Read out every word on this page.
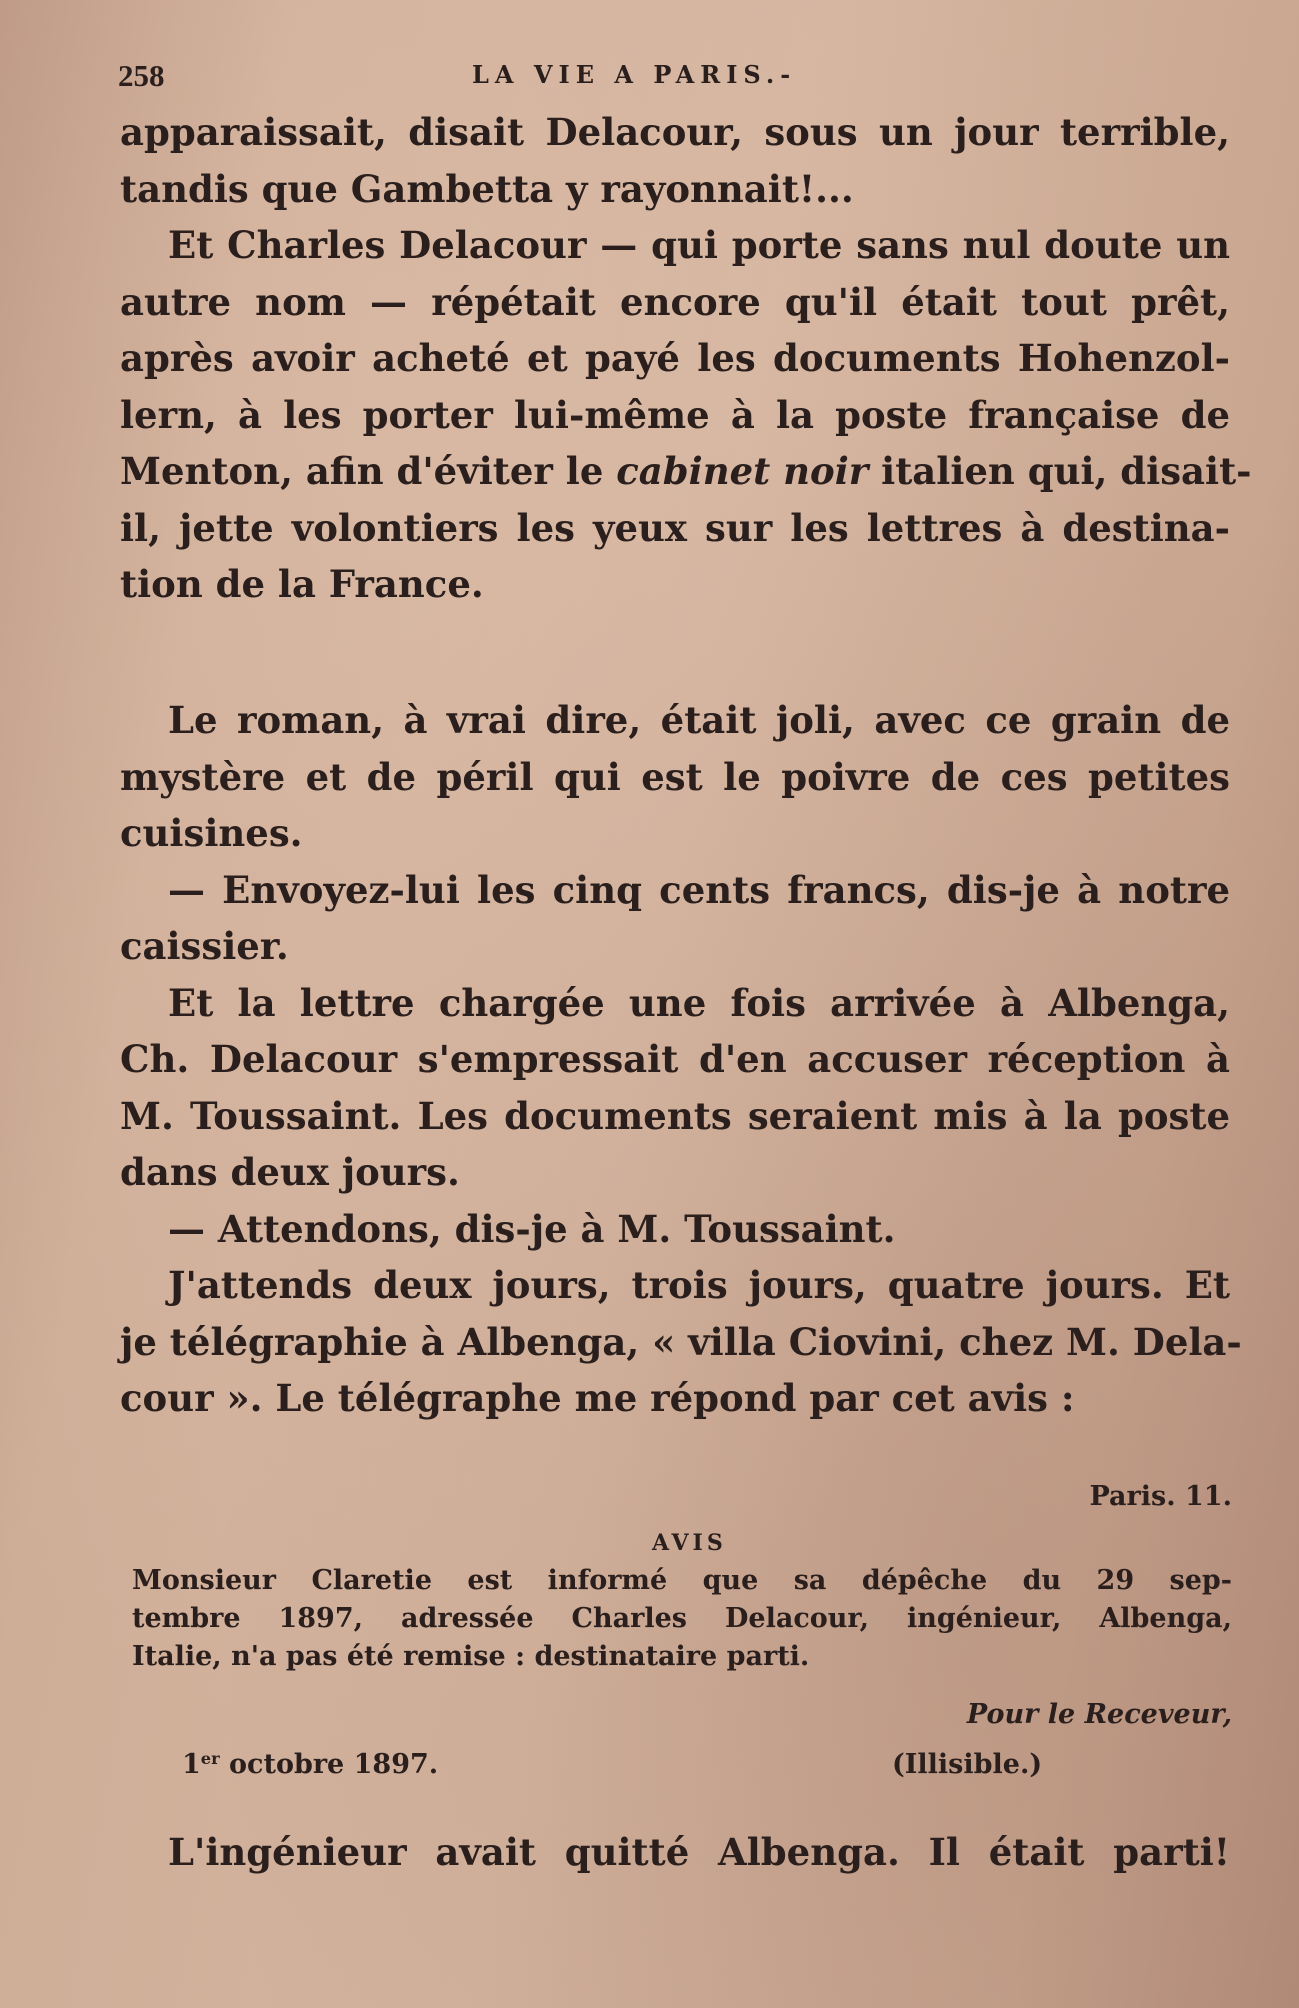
258	LA VIE A PARIS.-
apparaissait, disait Delacour, sous un jour terrible,
tandis que Gambetta y rayonnait!...
Et Charles Delacour — qui porte sans nul doute un
autre nom — répétait encore qu'il était tout prêt,
après avoir acheté et payé les documents Hohenzol-
lern, à les porter lui-même à la poste française de
Menton, afin d'éviter le cabinet noir italien qui, disait-
il, jette volontiers les yeux sur les lettres à destina-
tion de la France.
Le roman, à vrai dire, était joli, avec ce grain de
mystère et de péril qui est le poivre de ces petites
cuisines.
— Envoyez-lui les cinq cents francs, dis-je à notre
caissier.
Et la lettre chargée une fois arrivée à Albenga,
Ch. Delacour s'empressait d'en accuser réception à
M. Toussaint. Les documents seraient mis à la poste
dans deux jours.
— Attendons, dis-je à M. Toussaint.
J'attends deux jours, trois jours, quatre jours. Et
je télégraphie à Albenga, « villa Ciovini, chez M. Dela-
cour ». Le télégraphe me répond par cet avis :
Paris. 11.
AVIS
Monsieur Claretie est informé que sa dépêche du 29 sep-
tembre 1897, adressée Charles Delacour, ingénieur, Albenga,
Italie, n'a pas été remise : destinataire parti.
Pour le Receveur,
1er octobre 1897.	(Illisible.)
L'ingénieur avait quitté Albenga. Il était parti!
